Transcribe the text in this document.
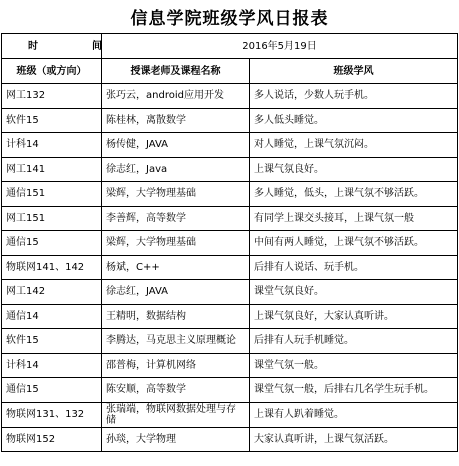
信息学院班级学风日报表
时　间	2016年5月19日	
班级（或方向）	授课老师及课程名称	班级学风
网工132	张巧云，android应用开发	多人说话，少数人玩手机。
软件15	陈桂林，离散数学	多人低头睡觉。
计科14	杨传健，JAVA	对人睡觉，上课气氛沉闷。
网工141	徐志红，Java	上课气氛良好。
通信151	梁辉，大学物理基础	多人睡觉，低头，上课气氛不够活跃。
网工151	李善辉，高等数学	有同学上课交头接耳，上课气氛一般
通信15	梁辉，大学物理基础	中间有两人睡觉，上课气氛不够活跃。
物联网141、142	杨斌，C++	后排有人说话、玩手机。
网工142	徐志红，JAVA	课堂气氛良好。
通信14	王精明，数据结构	上课气氛良好，大家认真听讲。
软件15	李腾达，马克思主义原理概论	后排有人玩手机睡觉。
计科14	邵普梅，计算机网络	课堂气氛一般。
通信15	陈安顺，高等数学	课堂气氛一般，后排右几名学生玩手机。
物联网131、132	张瑞端，物联网数据处理与存储	上课有人趴着睡觉。
物联网152	孙琰，大学物理	大家认真听讲，上课气氛活跃。
